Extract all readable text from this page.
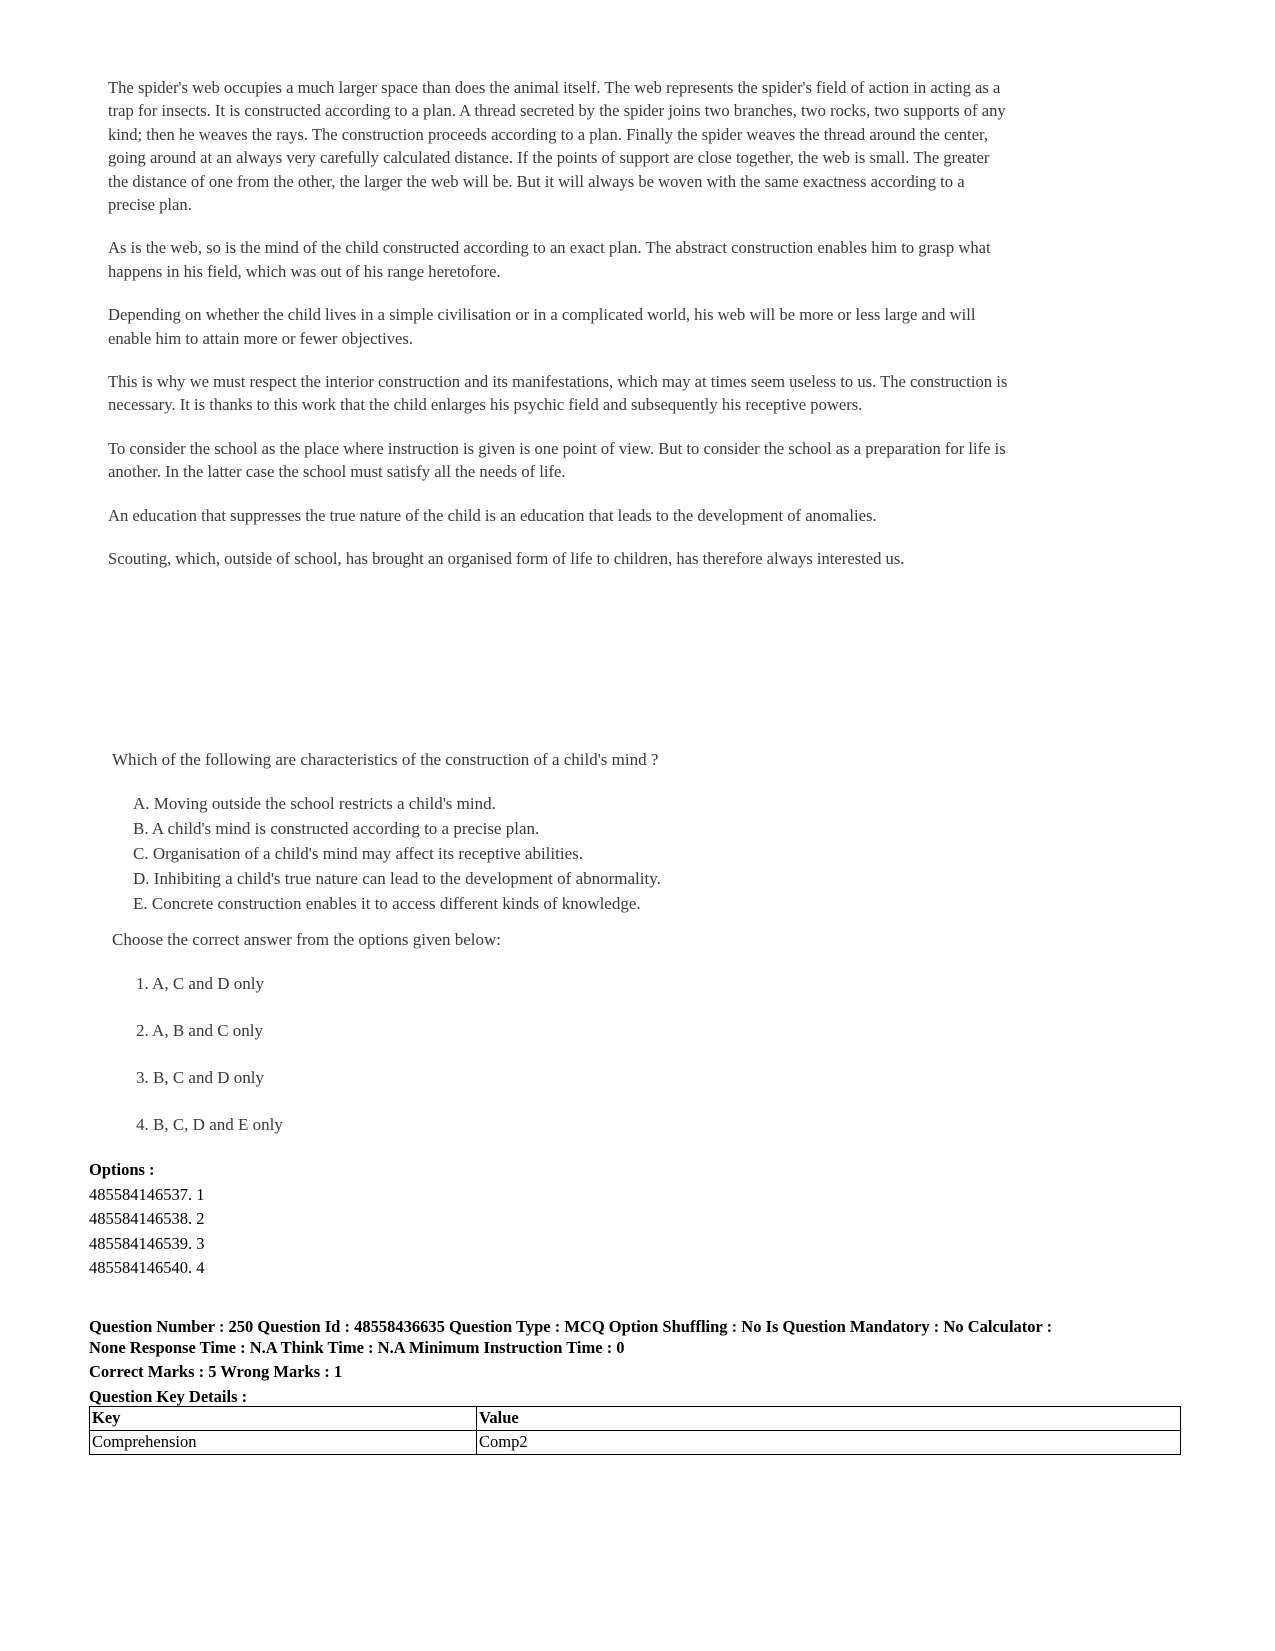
The spider's web occupies a much larger space than does the animal itself. The web represents the spider's field of action in acting as a trap for insects. It is constructed according to a plan. A thread secreted by the spider joins two branches, two rocks, two supports of any kind; then he weaves the rays. The construction proceeds according to a plan. Finally the spider weaves the thread around the center, going around at an always very carefully calculated distance. If the points of support are close together, the web is small. The greater the distance of one from the other, the larger the web will be. But it will always be woven with the same exactness according to a precise plan.

As is the web, so is the mind of the child constructed according to an exact plan. The abstract construction enables him to grasp what happens in his field, which was out of his range heretofore.

Depending on whether the child lives in a simple civilisation or in a complicated world, his web will be more or less large and will enable him to attain more or fewer objectives.

This is why we must respect the interior construction and its manifestations, which may at times seem useless to us. The construction is necessary. It is thanks to this work that the child enlarges his psychic field and subsequently his receptive powers.

To consider the school as the place where instruction is given is one point of view. But to consider the school as a preparation for life is another. In the latter case the school must satisfy all the needs of life.

An education that suppresses the true nature of the child is an education that leads to the development of anomalies.

Scouting, which, outside of school, has brought an organised form of life to children, has therefore always interested us.

Which of the following are characteristics of the construction of a child's mind ?
A. Moving outside the school restricts a child's mind.
B. A child's mind is constructed according to a precise plan.
C. Organisation of a child's mind may affect its receptive abilities.
D. Inhibiting a child's true nature can lead to the development of abnormality.
E. Concrete construction enables it to access different kinds of knowledge.
Choose the correct answer from the options given below:
1. A, C and D only
2. A, B and C only
3. B, C and D only
4. B, C, D and E only
Options :
485584146537. 1
485584146538. 2
485584146539. 3
485584146540. 4
Question Number : 250 Question Id : 48558436635 Question Type : MCQ Option Shuffling : No Is Question Mandatory : No Calculator :
None Response Time : N.A Think Time : N.A Minimum Instruction Time : 0
Correct Marks : 5 Wrong Marks : 1
Question Key Details :
Key	Value
Comprehension	Comp2
